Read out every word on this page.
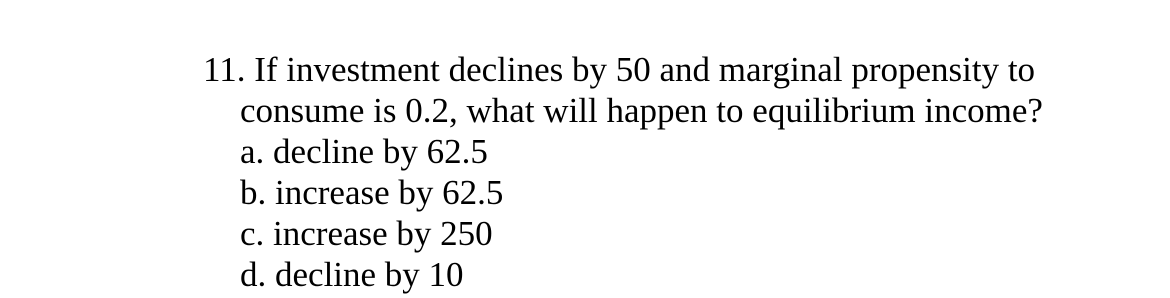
11. If investment declines by 50 and marginal propensity to consume is 0.2, what will happen to equilibrium income?

a. decline by 62.5
b. increase by 62.5
c. increase by 250
d. decline by 10
